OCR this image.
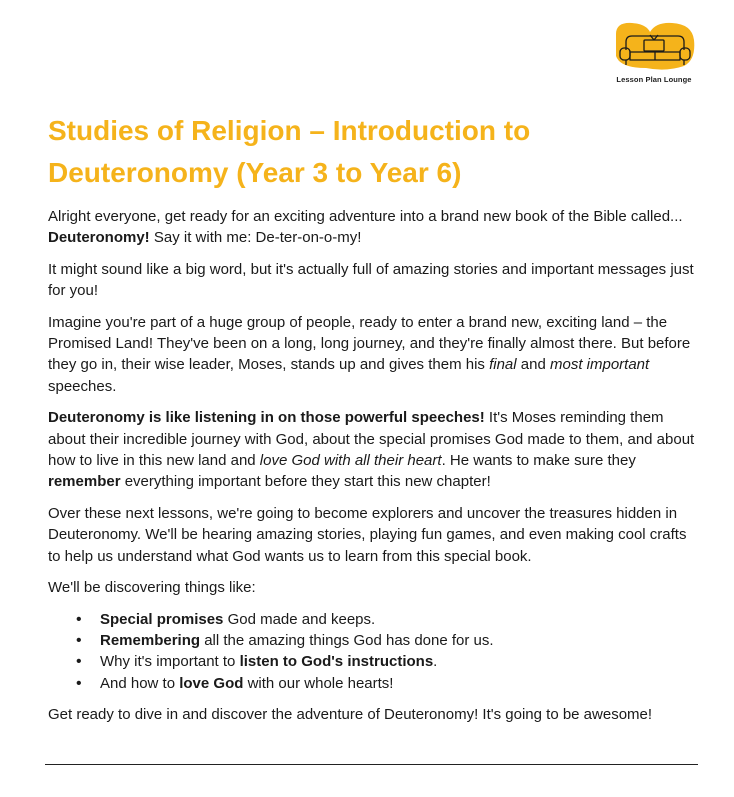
Lesson Plan Lounge
Studies of Religion – Introduction to Deuteronomy (Year 3 to Year 6)

Alright everyone, get ready for an exciting adventure into a brand new book of the Bible called... Deuteronomy! Say it with me: De-ter-on-o-my!

It might sound like a big word, but it's actually full of amazing stories and important messages just for you!

Imagine you're part of a huge group of people, ready to enter a brand new, exciting land – the Promised Land! They've been on a long, long journey, and they're finally almost there. But before they go in, their wise leader, Moses, stands up and gives them his final and most important speeches.

Deuteronomy is like listening in on those powerful speeches! It's Moses reminding them about their incredible journey with God, about the special promises God made to them, and about how to live in this new land and love God with all their heart. He wants to make sure they remember everything important before they start this new chapter!

Over these next lessons, we're going to become explorers and uncover the treasures hidden in Deuteronomy. We'll be hearing amazing stories, playing fun games, and even making cool crafts to help us understand what God wants us to learn from this special book.

We'll be discovering things like:

• Special promises God made and keeps.
• Remembering all the amazing things God has done for us.
• Why it's important to listen to God's instructions.
• And how to love God with our whole hearts!

Get ready to dive in and discover the adventure of Deuteronomy! It's going to be awesome!
